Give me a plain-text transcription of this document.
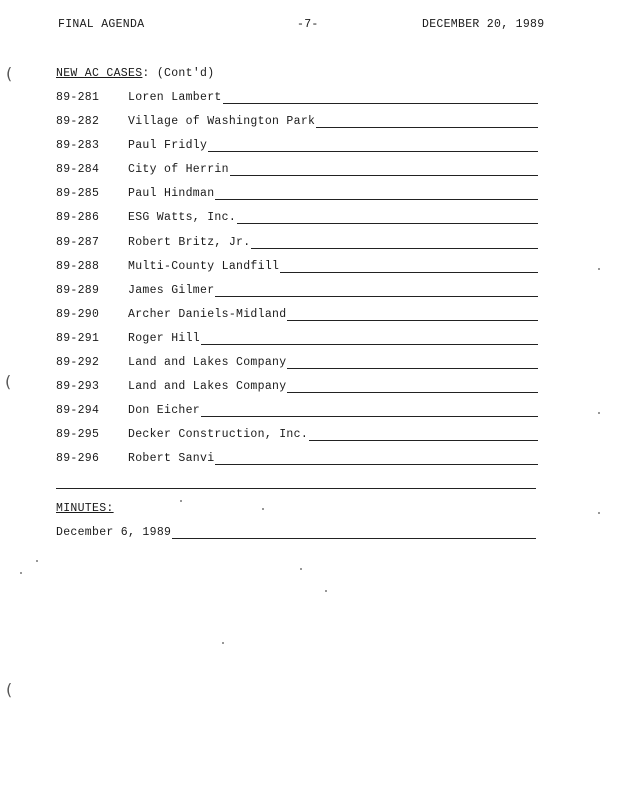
FINAL AGENDA	-7-	DECEMBER 20, 1989
NEW AC CASES: (Cont'd)
89-281	Loren Lambert
89-282	Village of Washington Park
89-283	Paul Fridly
89-284	City of Herrin
89-285	Paul Hindman
89-286	ESG Watts, Inc.
89-287	Robert Britz, Jr.
89-288	Multi-County Landfill
89-289	James Gilmer
89-290	Archer Daniels-Midland
89-291	Roger Hill
89-292	Land and Lakes Company
89-293	Land and Lakes Company
89-294	Don Eicher
89-295	Decker Construction, Inc.
89-296	Robert Sanvi
MINUTES:
December 6, 1989
(
(
(
